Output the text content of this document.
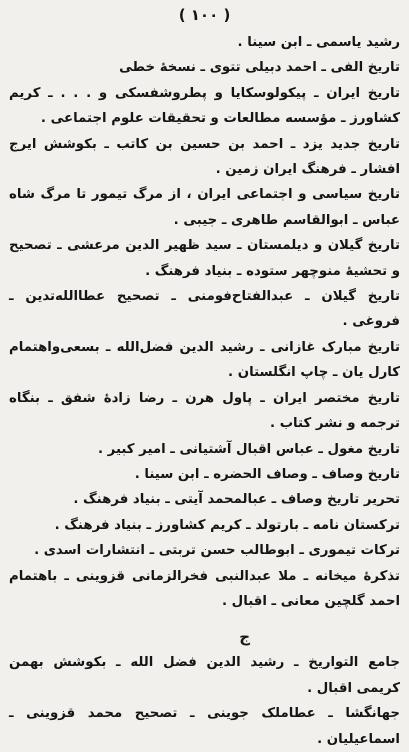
( ١٠٠ )

رشید یاسمی ـ ابن سینا .

تاریخ الفی ـ احمد دبیلی تتوی ـ نسخه‌ٔ خطی

تاریخ ایران ـ پیکولوسکایا و پطروشفسکی و . . . ـ کریم کشاورز ـ مؤسسه مطالعات و تحقیقات علوم اجتماعی .

تاریخ جدید یزد ـ احمد بن حسین بن کاتب ـ بکوشش ایرج افشار ـ فرهنگ ایران زمین .

تاریخ سیاسی و اجتماعی ایران ، از مرگ تیمور تا مرگ شاه عباس ـ ابوالقاسم طاهری ـ جیبی .

تاریخ گیلان و دیلمستان ـ سید ظهیر الدین مرعشی ـ تصحیح و تحشیه‌ٔ منوچهر ستوده ـ بنیاد فرهنگ .

تاریخ گیلان ـ عبدالفتاح‌فومنی ـ تصحیح عطاالله‌تدین ـ فروغی .

تاریخ مبارک غازانی ـ رشید الدین فضل‌الله ـ بسعی‌واهتمام کارل یان ـ چاپ انگلستان .

تاریخ مختصر ایران ـ پاول هرن ـ رضا زاده‌ٔ شفق ـ بنگاه ترجمه و نشر کتاب .

تاریخ مغول ـ عباس اقبال آشتیانی ـ امیر کبیر .

تاریخ وصاف ـ وصاف الحضره ـ ابن سینا .

تحریر تاریخ وصاف ـ عبالمحمد آیتی ـ بنیاد فرهنگ .

ترکستان نامه ـ بارتولد ـ کریم کشاورز ـ بنیاد فرهنگ .

ترکات تیموری ـ ابوطالب حسن تربتی ـ انتشارات اسدی .

تذکره‌ٔ میخانه ـ ملا عبدالنبی فخرالزمانی قزوینی ـ باهتمام احمد گلچین معانی ـ اقبال .

ج

جامع التواریخ ـ رشید الدین فضل الله ـ بکوشش بهمن کریمی اقبال .

جهانگشا ـ عطاملک جوینی ـ تصحیح محمد قزوینی ـ اسماعیلیان .
